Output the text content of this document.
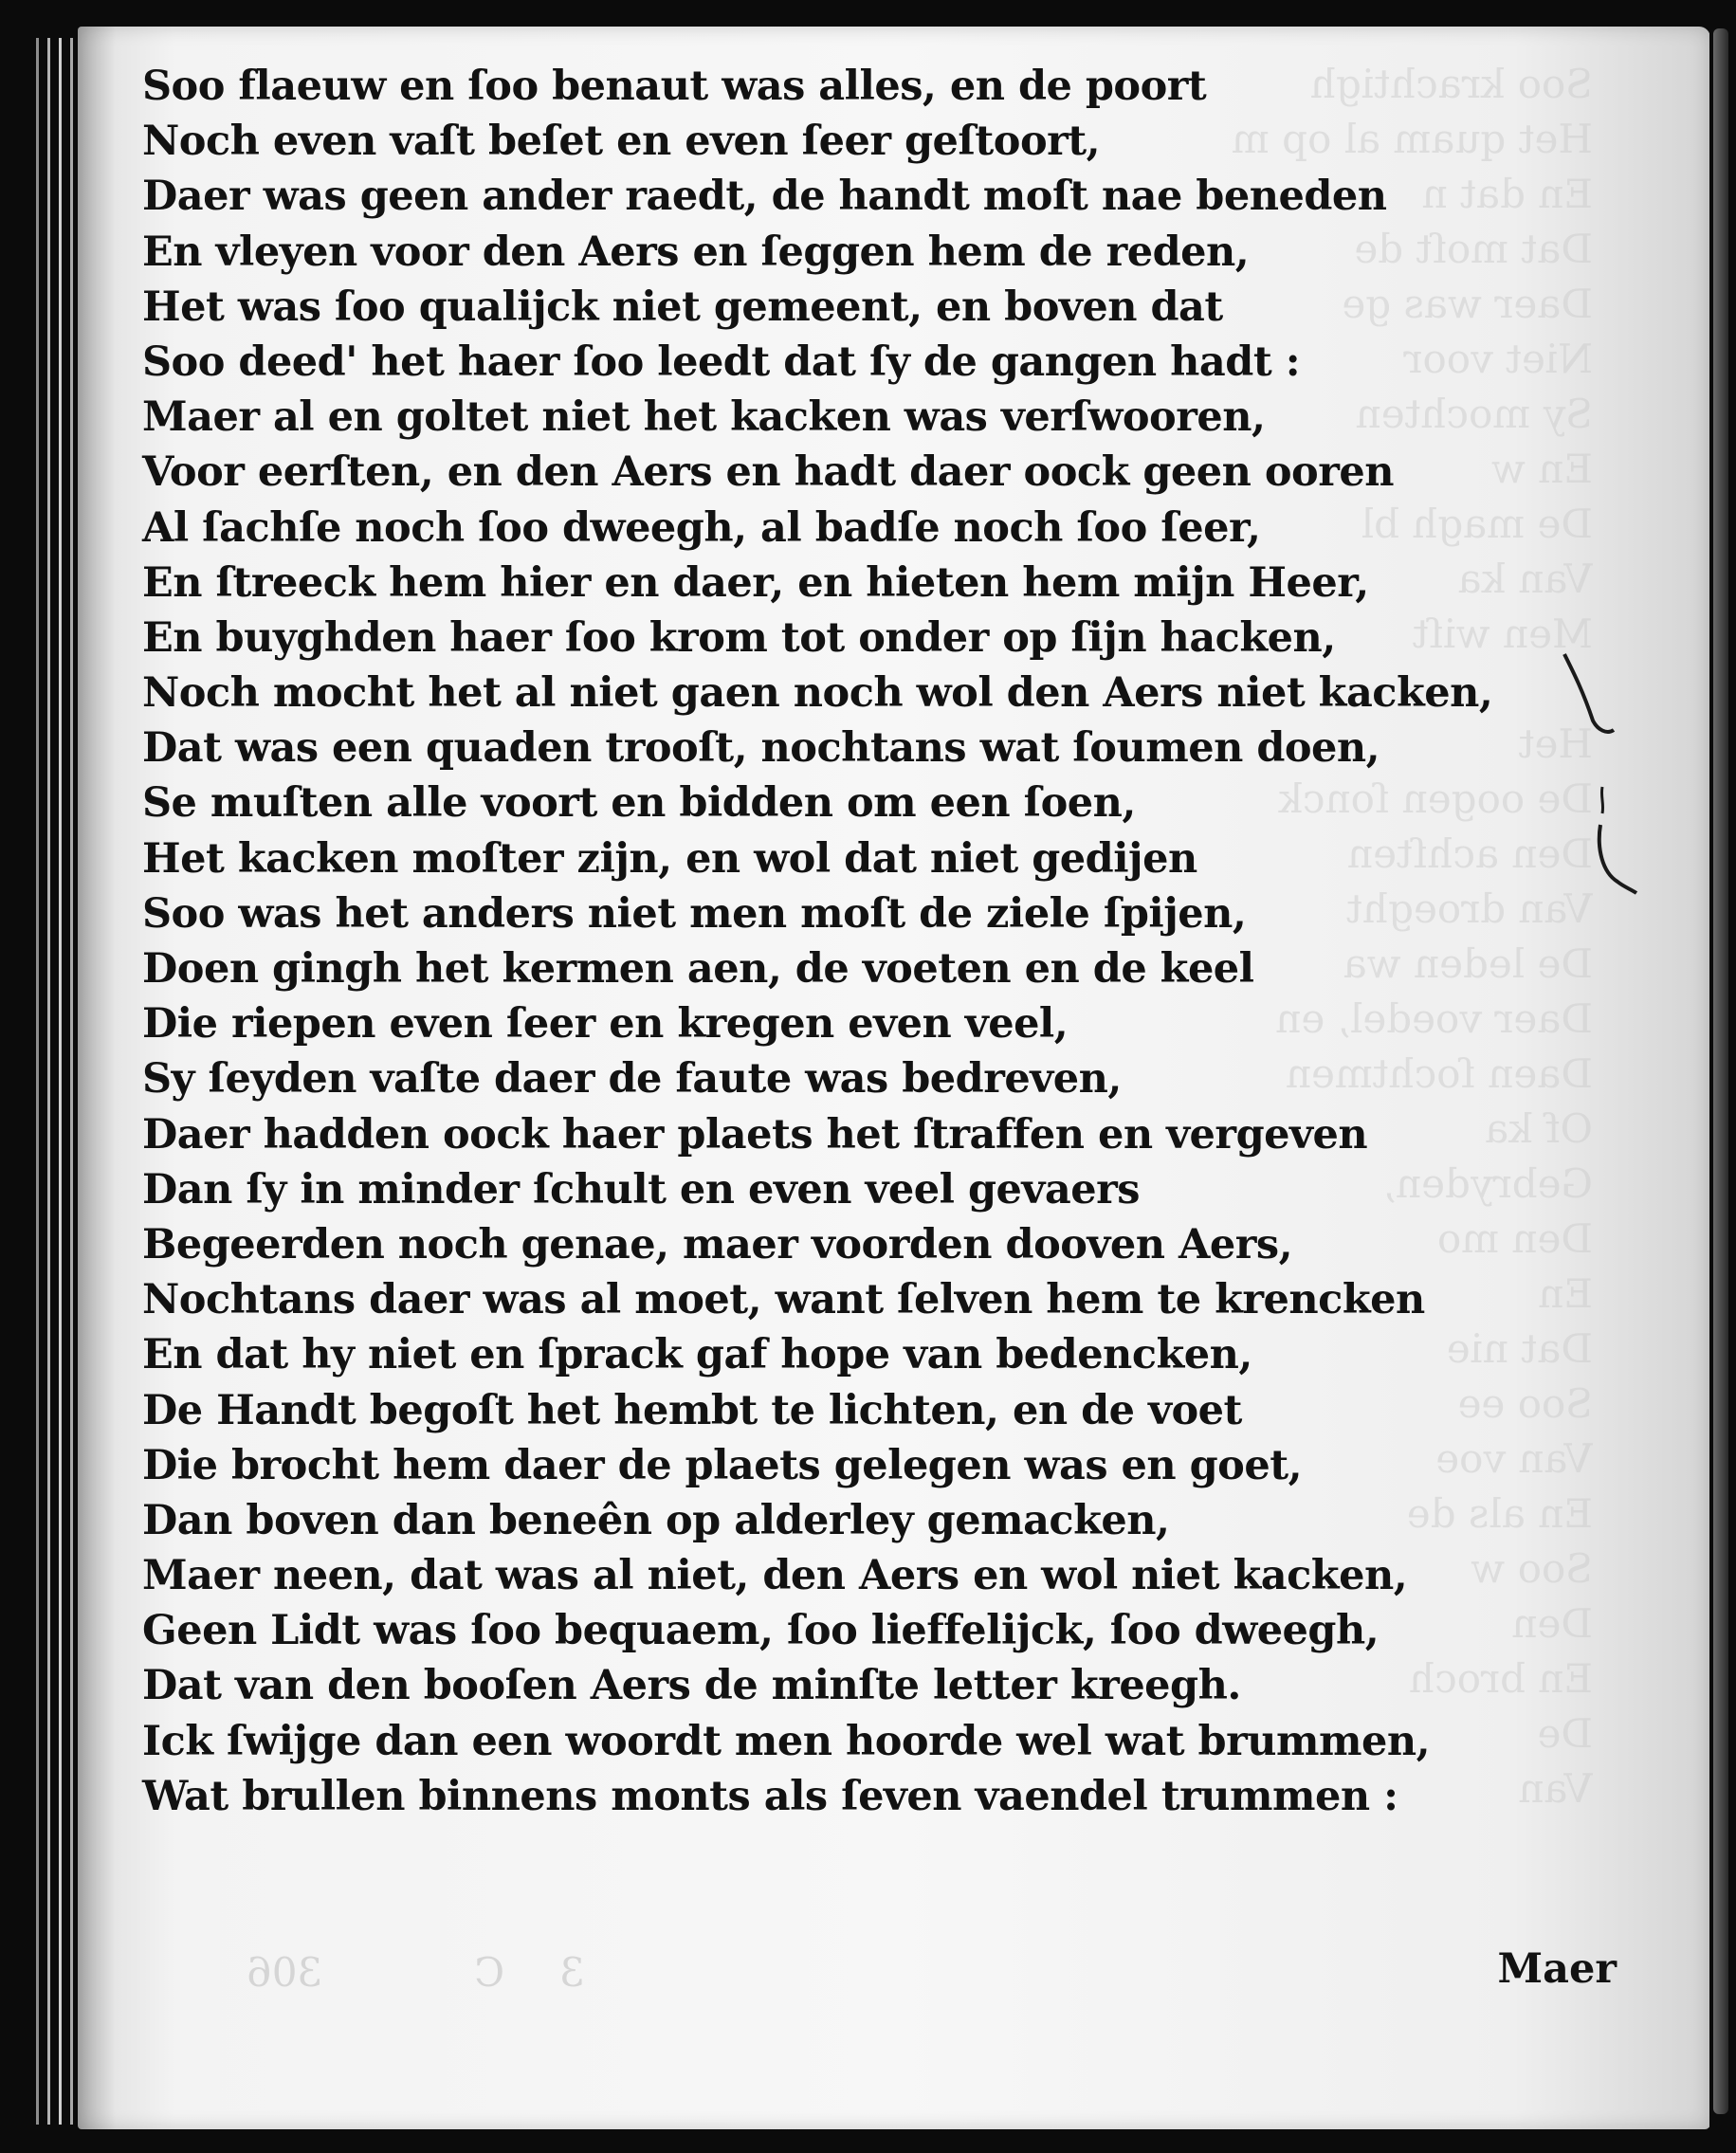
Soo krachtigh
Het quam al op m
En dat n
Dat moſt de
Daer was ge
Niet voor
Sy mochten
En w
De magh bl
Van ka
Men wiſt
Het
De oogen ſonck
Den achſten
Van droeght
De leden wa
Daer voedel, en
Daen ſochtmen
Of ka
Gebryden,
Den mo
En
Dat nie
Soo ee
Van voe
En als de
Soo w
Den
En broch
De
Van
Soo flaeuw en ſoo benaut was alles, en de poort
Noch even vaſt beſet en even ſeer geſtoort,
Daer was geen ander raedt, de handt moſt nae beneden
En vleyen voor den Aers en ſeggen hem de reden,
Het was ſoo qualijck niet gemeent, en boven dat
Soo deed' het haer ſoo leedt dat ſy de gangen hadt :
Maer al en goltet niet het kacken was verſwooren,
Voor eerſten, en den Aers en hadt daer oock geen ooren
Al ſachſe noch ſoo dweegh, al badſe noch ſoo ſeer,
En ſtreeck hem hier en daer, en hieten hem mijn Heer,
En buyghden haer ſoo krom tot onder op ſijn hacken,
Noch mocht het al niet gaen noch wol den Aers niet kacken,
Dat was een quaden trooſt, nochtans wat ſoumen doen,
Se muſten alle voort en bidden om een ſoen,
Het kacken moſter zijn, en wol dat niet gedijen
Soo was het anders niet men moſt de ziele ſpijen,
Doen gingh het kermen aen, de voeten en de keel
Die riepen even ſeer en kregen even veel,
Sy ſeyden vaſte daer de faute was bedreven,
Daer hadden oock haer plaets het ſtraffen en vergeven
Dan ſy in minder ſchult en even veel gevaers
Begeerden noch genae, maer voorden dooven Aers,
Nochtans daer was al moet, want ſelven hem te krencken
En dat hy niet en ſprack gaf hope van bedencken,
De Handt begoſt het hembt te lichten, en de voet
Die brocht hem daer de plaets gelegen was en goet,
Dan boven dan beneên op alderley gemacken,
Maer neen, dat was al niet, den Aers en wol niet kacken,
Geen Lidt was ſoo bequaem, ſoo lieffelijck, ſoo dweegh,
Dat van den booſen Aers de minſte letter kreegh.
Ick ſwijge dan een woordt men hoorde wel wat brummen,
Wat brullen binnens monts als ſeven vaendel trummen :
306	C 3	Maer
